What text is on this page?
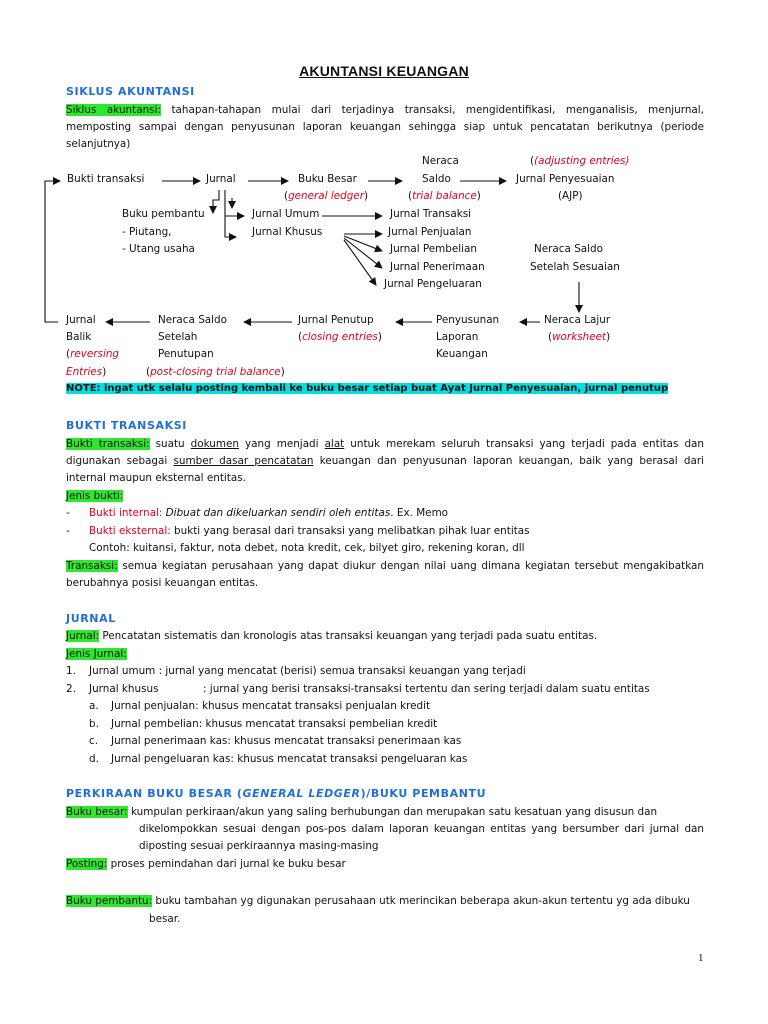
AKUNTANSI KEUANGAN
SIKLUS AKUNTANSI
Siklus akuntansi: tahapan-tahapan mulai dari terjadinya transaksi, mengidentifikasi, menganalisis, menjurnal, memposting sampai dengan penyusunan laporan keuangan sehingga siap untuk pencatatan berikutnya (periode selanjutnya)
Neraca	((adjusting entries)
Bukti transaksi	Jurnal	Buku Besar	Saldo	Jurnal Penyesuaian
(general ledger)	(trial balance)	(AJP)
Buku pembantu	Jurnal Umum	Jurnal Transaksi
- Piutang,	Jurnal Khusus	Jurnal Penjualan
- Utang usaha	Jurnal Pembelian	Neraca Saldo
Jurnal Penerimaan	Setelah Sesuaian
Jurnal Pengeluaran
Jurnal
Balik
(reversing
Entries)
Neraca Saldo
Setelah
Penutupan
(post-closing trial balance)
Jurnal Penutup
(closing entries)
Penyusunan
Laporan
Keuangan
Neraca Lajur
(worksheet)
NOTE: ingat utk selalu posting kembali ke buku besar setiap buat Ayat Jurnal Penyesuaian, jurnal penutup
BUKTI TRANSAKSI
Bukti transaksi: suatu dokumen yang menjadi alat untuk merekam seluruh transaksi yang terjadi pada entitas dan digunakan sebagai sumber dasar pencatatan keuangan dan penyusunan laporan keuangan, baik yang berasal dari internal maupun eksternal entitas.
Jenis bukti:
- Bukti internal: Dibuat dan dikeluarkan sendiri oleh entitas. Ex. Memo
- Bukti eksternal: bukti yang berasal dari transaksi yang melibatkan pihak luar entitas
Contoh: kuitansi, faktur, nota debet, nota kredit, cek, bilyet giro, rekening koran, dll
Transaksi: semua kegiatan perusahaan yang dapat diukur dengan nilai uang dimana kegiatan tersebut mengakibatkan berubahnya posisi keuangan entitas.
JURNAL
Jurnal: Pencatatan sistematis dan kronologis atas transaksi keuangan yang terjadi pada suatu entitas.
Jenis Jurnal:
1. Jurnal umum : jurnal yang mencatat (berisi) semua transaksi keuangan yang terjadi
2. Jurnal khusus	: jurnal yang berisi transaksi-transaksi tertentu dan sering terjadi dalam suatu entitas
a. Jurnal penjualan: khusus mencatat transaksi penjualan kredit
b. Jurnal pembelian: khusus mencatat transaksi pembelian kredit
c. Jurnal penerimaan kas: khusus mencatat transaksi penerimaan kas
d. Jurnal pengeluaran kas: khusus mencatat transaksi pengeluaran kas
PERKIRAAN BUKU BESAR (GENERAL LEDGER)/BUKU PEMBANTU
Buku besar: kumpulan perkiraan/akun yang saling berhubungan dan merupakan satu kesatuan yang disusun dan
dikelompokkan sesuai dengan pos-pos dalam laporan keuangan entitas yang bersumber dari jurnal dan diposting sesuai perkiraannya masing-masing
Posting: proses pemindahan dari jurnal ke buku besar
Buku pembantu: buku tambahan yg digunakan perusahaan utk merincikan beberapa akun-akun tertentu yg ada dibuku
besar.
1
